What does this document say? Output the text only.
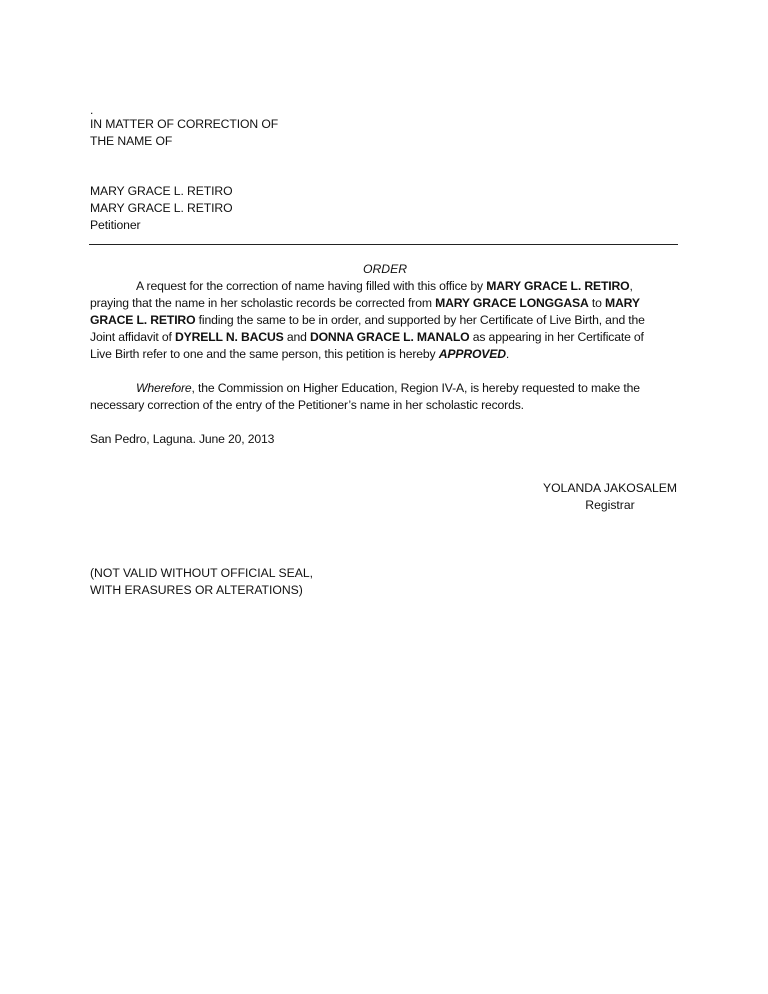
.
IN MATTER OF CORRECTION OF
THE NAME OF
MARY GRACE L. RETIRO
MARY GRACE L. RETIRO
Petitioner
ORDER
A request for the correction of name having filled with this office by MARY GRACE L. RETIRO,
praying that the name in her scholastic records be corrected from MARY GRACE LONGGASA to MARY
GRACE L. RETIRO finding the same to be in order, and supported by her Certificate of Live Birth, and the
Joint affidavit of DYRELL N. BACUS and DONNA GRACE L. MANALO as appearing in her Certificate of
Live Birth refer to one and the same person, this petition is hereby APPROVED.
Wherefore, the Commission on Higher Education, Region IV-A, is hereby requested to make the
necessary correction of the entry of the Petitioner’s name in her scholastic records.
San Pedro, Laguna. June 20, 2013
YOLANDA JAKOSALEM
Registrar
(NOT VALID WITHOUT OFFICIAL SEAL,
WITH ERASURES OR ALTERATIONS)
